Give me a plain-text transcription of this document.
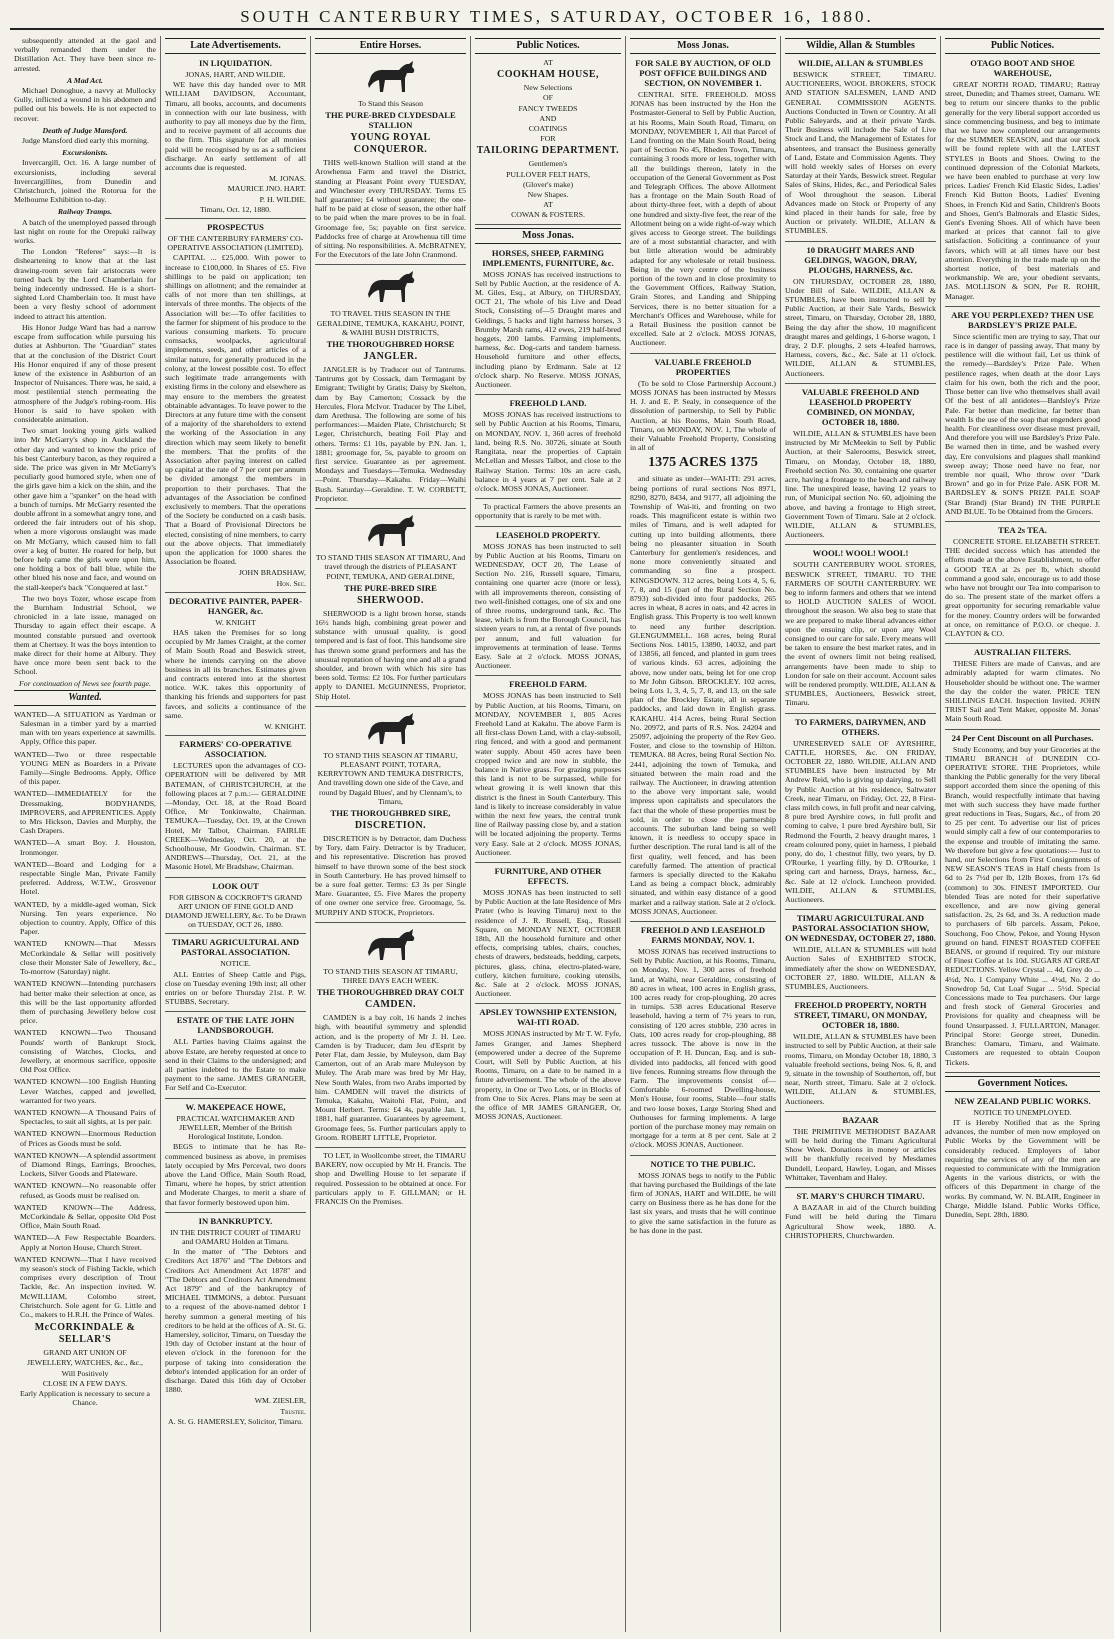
SOUTH CANTERBURY TIMES, SATURDAY, OCTOBER 16, 1880.
subsequently attended at the gaol and verbally remanded them under the Distillation Act. They have been since re-arrested.
A Mad Act.
Michael Donoghue, a navvy at Mullocky Gully, inflicted a wound in his abdomen and pulled out his bowels. He is not expected to recover.
Death of Judge Mansford.
Judge Mansford died early this morning.
Excursionists.
Invercargill, Oct. 16. A large number of excursionists, including several Invercargillites, from Dunedin and Christchurch, joined the Rotorua for the Melbourne Exhibition to-day.
Railway Tramps.
A batch of the unemployed passed through last night on route for the Orepuki railway works.
The London "Referee" says:—It is disheartening to know that at the last drawing-room seven fair aristocrats were turned back by the Lord Chamberlain for being indecently undressed. He is a short-sighted Lord Chamberlain too. It must have been a very fleshy school of adornment indeed to attract his attention.
His Honor Judge Ward has had a narrow escape from suffocation while pursuing his duties at Ashburton. The "Guardian" states that at the conclusion of the District Court His Honor enquired if any of those present knew of the existence in Ashburton of an Inspector of Nuisances. There was, he said, a most pestilential stench permeating the atmosphere of the Judge's robing-room. His Honor is said to have spoken with considerable animation.
Two smart looking young girls walked into Mr McGarry's shop in Auckland the other day and wanted to know the price of his best Canterbury bacon, as they required a side. The price was given in Mr McGarry's peculiarly good humored style, when one of the girls gave him a kick on the shin, and the other gave him a "spanker" on the head with a bunch of turnips. Mr McGarry resented the double affront in a somewhat angry tone, and ordered the fair intruders out of his shop, when a more vigorous onslaught was made on Mr McGarry, which caused him to fall over a keg of butter. He roared for help, but before help came the girls were upon him, one holding a box of ball blue, while the other blued his nose and face, and wound on the stall-keeper's back "Conquered at last."
The two boys Tozer, whose escape from the Burnham Industrial School, we chronicled in a late issue, managed on Thursday to again effect their escape. A mounted constable pursued and overtook them at Chertsey. It was the boys intention to make direct for their home at Albury. They have once more been sent back to the School.
For continuation of News see fourth page.
Wanted.
WANTED—A SITUATION as Yardman or Salesman in a timber yard by a married man with ten years experience at sawmills. Apply, Office this paper.
WANTED—Two or three respectable YOUNG MEN as Boarders in a Private Family—Single Bedrooms. Apply, Office of this paper.
WANTED—IMMEDIATELY for the Dressmaking, BODYHANDS, IMPROVERS, and APPRENTICES. Apply to Mrs Hickson, Davies and Murphy, the Cash Drapers.
WANTED—A smart Boy. J. Houston, Ironmonger.
WANTED—Board and Lodging for a respectable Single Man, Private Family preferred. Address, W.T.W., Grosvenor Hotel.
WANTED, by a middle-aged woman, Sick Nursing. Ten years experience. No objection to country. Apply, Office of this Paper.
WANTED KNOWN—That Messrs McCorkindale & Sellar will positively close their Monster Sale of Jewellery, &c., To-morrow (Saturday) night.
WANTED KNOWN—Intending purchasers had better make their selection at once, as this will be the last opportunity afforded them of purchasing Jewellery below cost price.
WANTED KNOWN—Two Thousand Pounds' worth of Bankrupt Stock, consisting of Watches, Clocks, and Jewellery, at enormous sacrifice, opposite Old Post Office.
WANTED KNOWN—100 English Hunting Lever Watches, capped and jewelled, warranted for two years.
WANTED KNOWN—A Thousand Pairs of Spectacles, to suit all sights, at 1s per pair.
WANTED KNOWN—Enormous Reduction of Prices as Goods must be sold.
WANTED KNOWN—A splendid assortment of Diamond Rings, Earrings, Brooches, Lockets, Silver Goods and Plateware.
WANTED KNOWN—No reasonable offer refused, as Goods must be realised on.
WANTED KNOWN—The Address, McCorkindale & Sellar, opposite Old Post Office, Main South Road.
WANTED—A Few Respectable Boarders. Apply at Norton House, Church Street.
WANTED KNOWN—That I have received my season's stock of Fishing Tackle, which comprises every description of Trout Tackle, &c. An inspection invited. W. McWILLIAM, Colombo street, Christchurch. Sole agent for G. Little and Co., makers to H.R.H. the Prince of Wales.
McCORKINDALE & SELLAR'S
GRAND ART UNION OF
JEWELLERY, WATCHES, &c., &c.,
Will Positively
CLOSE IN A FEW DAYS.
Early Application is necessary to secure a Chance.
Late Advertisements.
IN LIQUIDATION.
JONAS, HART, AND WILDIE.
WE have this day handed over to MR WILLIAM DAVIDSON, Accountant, Timaru, all books, accounts, and documents in connection with our late business, with authority to pay all moneys due by the firm, and to receive payment of all accounts due to the firm. This signature for all monies paid will be recognised by us as a sufficient discharge. An early settlement of all accounts due is requested.
M. JONAS.
MAURICE JNO. HART.
P. H. WILDIE.
Timaru, Oct. 12, 1880.
PROSPECTUS
OF THE CANTERBURY FARMERS' CO-OPERATIVE ASSOCIATION (LIMITED).
CAPITAL ... £25,000. With power to increase to £100,000. In Shares of £5. Five shillings to be paid on application; ten shillings on allotment; and the remainder at calls of not more than ten shillings, at intervals of three months. The objects of the Association will be:—To offer facilities to the farmer for shipment of his produce to the various consuming markets. To procure cornsacks, woolpacks, agricultural implements, seeds, and other articles of a similar nature, for generally produced in the colony, at the lowest possible cost. To effect such legitimate trade arrangements with existing firms in the colony and elsewhere as may ensure to the members the greatest obtainable advantages. To leave power to the Directors at any future time with the consent of a majority of the shareholders to extend the working of the Association in any direction which may seem likely to benefit the members. That the profits of the Association after paying interest on called up capital at the rate of 7 per cent per annum be divided amongst the members in proportion to their purchases. That the advantages of the Association be confined exclusively to members. That the operations of the Society be conducted on a cash basis. That a Board of Provisional Directors be elected, consisting of nine members, to carry out the above objects. That immediately upon the application for 1000 shares the Association be floated.
JOHN BRADSHAW,
Hon. Sec.
DECORATIVE PAINTER, PAPER-HANGER, &c.
W. KNIGHT
HAS taken the Premises for so long occupied by Mr James Craight, at the corner of Main South Road and Beswick street, where he intends carrying on the above business in all its branches. Estimates given and contracts entered into at the shortest notice. W.K. takes this opportunity of thanking his friends and supporters for past favors, and solicits a continuance of the same.
W. KNIGHT.
FARMERS' CO-OPERATIVE ASSOCIATION.
LECTURES upon the advantages of CO-OPERATION will be delivered by MR BATEMAN, of CHRISTCHURCH, at the following places at 7 p.m.:— GERALDINE—Monday, Oct. 18, at the Road Board Office, Mr Tonkinwalte, Chairman. TEMUKA—Tuesday, Oct. 19, at the Crown Hotel, Mr Talbot, Chairman. FAIRLIE CREEK—Wednesday, Oct. 20, at the Schoolhouse, Mr Goodwin, Chairman. ST. ANDREWS—Thursday, Oct. 21, at the Masonic Hotel, Mr Bradshaw, Chairman.
LOOK OUT
FOR GIBSON & COCKROFT'S GRAND ART UNION OF FINE GOLD AND DIAMOND JEWELLERY, &c. To be Drawn on TUESDAY, OCT 26, 1880.
TIMARU AGRICULTURAL AND PASTORAL ASSOCIATION.
NOTICE.
ALL Entries of Sheep Cattle and Pigs, close on Tuesday evening 19th inst; all other entries on or before Thursday 21st. P. W. STUBBS, Secretary.
ESTATE OF THE LATE JOHN LANDSBOROUGH.
ALL Parties having Claims against the above Estate, are hereby requested at once to send in their Claims to the undersigned; and all parties indebted to the Estate to make payment to the same. JAMES GRANGER, For Self and Co-Executor.
W. MAKEPEACE HOWE,
PRACTICAL WATCHMAKER AND JEWELLER, Member of the British Horological Institute, London.
BEGS to intimate that he has Re-commenced business as above, in premises lately occupied by Mrs Perceval, two doors above the Land Office, Main South Road, Timaru, where he hopes, by strict attention and Moderate Charges, to merit a share of that favor formerly bestowed upon him.
IN BANKRUPTCY.
IN THE DISTRICT COURT of TIMARU and OAMARU Holden at Timaru.
In the matter of "The Debtors and Creditors Act 1876" and "The Debtors and Creditors Act Amendment Act 1878" and "The Debtors and Creditors Act Amendment Act 1879" and of the bankruptcy of MICHAEL TIMMONS, a debtor. Pursuant to a request of the above-named debtor I hereby summon a general meeting of his creditors to be held at the offices of A. St. G. Hamersley, solicitor, Timaru, on Tuesday the 19th day of October instant at the hour of eleven o'clock in the forenoon for the purpose of taking into consideration the debtor's intended application for an order of discharge. Dated this 16th day of October 1880.
WM. ZIESLER,
Trustee.
A. St. G. HAMERSLEY, Solicitor, Timaru.
Entire Horses.
To Stand this Season
THE PURE-BRED CLYDESDALE STALLION
YOUNG ROYAL CONQUEROR.
THIS well-known Stallion will stand at the Arowhenua Farm and travel the District, standing at Pleasant Point every TUESDAY, and Winchester every THURSDAY. Terms £5 half guarantee; £4 without guarantee; the one-half to be paid at close of season, the other half to be paid when the mare proves to be in foal. Groomage fee, 5s; payable on first service. Paddocks free of charge at Arowhenua till time of sitting. No responsibilities. A. McBRATNEY, For the Executors of the late John Cranmond.
TO TRAVEL THIS SEASON IN THE GERALDINE, TEMUKA, KAKAHU, POINT, & WAIHI BUSH DISTRICTS,
THE THOROUGHBRED HORSE
JANGLER.
JANGLER is by Traducer out of Tantrums. Tantrums got by Cossack, dam Termagant by Emigrant; Twilight by Gratis; Daisy by Skelton, dam by Bay Camerton; Cossack by the Hercules, Flora McIvor. Traducer by The Libel, dam Arethusa. The following are some of his performances:—Maiden Plate, Christchurch; St Leger, Christchurch, beating Foil Play and others. Terms: £1 10s, payable by P.N. Jan. 1, 1881; groomage for, 5s, payable to groom on first service. Guarantee as per agreement. Mondays and Tuesdays—Temuka. Wednesday—Point. Thursday—Kakahu. Friday—Waihi Bush. Saturday—Geraldine. T. W. CORBETT, Proprietor.
TO STAND THIS SEASON AT TIMARU, And travel through the districts of PLEASANT POINT, TEMUKA, AND GERALDINE,
THE PURE-BRED SIRE
SHERWOOD.
SHERWOOD is a light brown horse, stands 16½ hands high, combining great power and substance with unusual quality, is good tempered and is fast of foot. This handsome sire has thrown some grand performers and has the unusual reputation of having one and all a grand shoulder, and brown with which his sire has been sold. Terms: £2 10s. For further particulars apply to DANIEL McGUINNESS, Proprietor, Ship Hotel.
TO STAND THIS SEASON AT TIMARU, PLEASANT POINT, TOTARA, KERRYTOWN AND TEMUKA DISTRICTS, And travelling down one side of the Cave, and round by Dagald Blues', and by Clennam's, to Timaru,
THE THOROUGHBRED SIRE,
DISCRETION.
DISCRETION is by Detractor, dam Duchess by Tory, dam Fairy. Detractor is by Traducer, and his representative. Discretion has proved himself to have thrown some of the best stock in South Canterbury. He has proved himself to be a sure foal getter. Terms: £3 3s per Single Mare. Guarantee, £5. Five Mares the property of one owner one service free. Groomage, 5s. MURPHY AND STOCK, Proprietors.
TO STAND THIS SEASON AT TIMARU, THREE DAYS EACH WEEK.
THE THOROUGHBRED DRAY COLT
CAMDEN.
CAMDEN is a bay colt, 16 hands 2 inches high, with beautiful symmetry and splendid action, and is the property of Mr J. H. Lee. Camden is by Traducer, dam Jeu d'Esprit by Peter Flat, dam Jessie, by Muleyson, dam Bay Camerton, out of an Arab mare Muleyson by Muley. The Arab mare was bred by Mr Hay, New South Wales, from two Arabs imported by him. CAMDEN will travel the districts of Temuka, Kakahu, Waitohi Flat, Point, and Mount Herbert. Terms: £4 4s, payable Jan. 1, 1881, half guarantee. Guarantees by agreement. Groomage fees, 5s. Further particulars apply to Groom. ROBERT LITTLE, Proprietor.
TO LET, in Woollcombe street, the TIMARU BAKERY, now occupied by Mr H. Francis. The shop and Dwelling House to let separate if required. Possession to be obtained at once. For particulars apply to F. GILLMAN; or H. FRANCIS On the Premises.
Public Notices.
AT
COOKHAM HOUSE,
New Selections
OF
FANCY TWEEDS
AND
COATINGS
FOR
TAILORING DEPARTMENT.
Gentlemen's
PULLOVER FELT HATS,
(Glover's make)
New Shapes.
AT
COWAN & FOSTERS.
Moss Jonas.
HORSES, SHEEP, FARMING IMPLEMENTS, FURNITURE, &c.
MOSS JONAS has received instructions to Sell by Public Auction, at the residence of A. M. Giles, Esq., at Albury, on THURSDAY, OCT 21, The whole of his Live and Dead Stock, Consisting of—5 Draught mares and Geldings, 5 hacks and light harness horses, 3 Brumby Marsh rams, 412 ewes, 219 half-bred hoggets, 200 lambs. Farming implements, harness, &c. Dog-carts and tandem harness. Household furniture and other effects, including piano by Erdmann. Sale at 12 o'clock sharp. No Reserve. MOSS JONAS, Auctioneer.
FREEHOLD LAND.
MOSS JONAS has received instructions to sell by Public Auction at his Rooms, Timaru, on MONDAY, NOV. 1, 360 acres of freehold land, being R.S. No. 30726, situate at South Rangitata, near the properties of Captain McLellan and Messrs Talbot, and close to the Railway Station. Terms: 10s an acre cash, balance in 4 years at 7 per cent. Sale at 2 o'clock. MOSS JONAS, Auctioneer.
To practical Farmers the above presents an opportunity that is rarely to be met with.
LEASEHOLD PROPERTY.
MOSS JONAS has been instructed to sell by Public Auction at his Rooms, Timaru on WEDNESDAY, OCT 20, The Lease of Section No. 216, Russell square, Timaru, containing one quarter acre (more or less), with all improvements thereon, consisting of two well-finished cottages, one of six and one of three rooms, underground tank, &c. The lease, which is from the Borough Council, has sixteen years to run, at a rental of five pounds per annum, and full valuation for improvements at termination of lease. Terms Easy. Sale at 2 o'clock. MOSS JONAS, Auctioneer.
FREEHOLD FARM.
MOSS JONAS has been instructed to Sell by Public Auction, at his Rooms, Timaru, on MONDAY, NOVEMBER 1, 805 Acres Freehold Land at Kakahu. The above Farm is all first-class Down Land, with a clay-subsoil, ring fenced, and with a good and permanent water supply. About 450 acres have been cropped twice and are now in stubble, the balance in Native grass. For grazing purposes this land is not to be surpassed, while for wheat growing it is well known that this district is the finest in South Canterbury. This land is likely to increase considerably in value within the next few years, the central trunk line of Railway passing close by, and a station will be located adjoining the property. Terms very Easy. Sale at 2 o'clock. MOSS JONAS, Auctioneer.
FURNITURE, AND OTHER EFFECTS.
MOSS JONAS has been instructed to sell by Public Auction at the late Residence of Mrs Prater (who is leaving Timaru) next to the residence of J. R. Russell, Esq., Russell Square, on MONDAY NEXT, OCTOBER 18th, All the household furniture and other effects, comprising tables, chairs, couches, chests of drawers, bedsteads, bedding, carpets, pictures, glass, china, electro-plated-ware, cutlery, kitchen furniture, cooking utensils, &c. Sale at 2 o'clock. MOSS JONAS, Auctioneer.
APSLEY TOWNSHIP EXTENSION, WAI-ITI ROAD.
MOSS JONAS instructed by Mr T. W. Fyfe, James Granger, and James Shepherd (empowered under a decree of the Supreme Court, will Sell by Public Auction, at his Rooms, Timaru, on a date to be named in a future advertisement. The whole of the above property, in One or Two Lots, or in Blocks of from One to Six Acres. Plans may be seen at the office of MR JAMES GRANGER, Or, MOSS JONAS, Auctioneer.
Moss Jonas.
FOR SALE BY AUCTION, OF OLD POST OFFICE BUILDINGS AND SECTION, ON NOVEMBER 1.
CENTRAL SITE. FREEHOLD. MOSS JONAS has been instructed by the Hon the Postmaster-General to Sell by Public Auction, at his Rooms, Main South Road, Timaru, on MONDAY, NOVEMBER 1, All that Parcel of Land fronting on the Main South Road, being part of Section No 45, Rheden Town, Timaru, containing 3 roods more or less, together with all the buildings thereon, lately in the occupation of the General Government as Post and Telegraph Offices. The above Allotment has a frontage on the Main South Road of about thirty-three feet, with a depth of about one hundred and sixty-five feet, the rear of the Allotment being on a wide right-of-way which gives access to George street. The buildings are of a most substantial character, and with but little alteration would be admirably adapted for any wholesale or retail business. Being in the very centre of the business portion of the town and in close proximity to the Government Offices, Railway Station, Grain Stores, and Landing and Shipping Services, there is no better situation for a Merchant's Offices and Warehouse, while for a Retail Business the position cannot be excelled. Sale at 2 o'clock. MOSS JONAS, Auctioneer.
VALUABLE FREEHOLD PROPERTIES
(To be sold to Close Partnership Account.) MOSS JONAS has been instructed by Messrs H. J. and E. P. Sealy, in consequence of the dissolution of partnership, to Sell by Public Auction, at his Rooms, Main South Road, Timaru, on MONDAY, NOV. 1, The whole of their Valuable Freehold Property, Consisting in all of
1375 ACRES 1375
and situate as under—WAI-ITI: 291 acres, being portions of rural sections Nos 8971, 8290, 8270, 8434, and 9177, all adjoining the Township of Wai-iti, and fronting on two roads. This magnificent estate is within two miles of Timaru, and is well adapted for cutting up into building allotments, there being no pleasanter situation in South Canterbury for gentlemen's residences, and none more conveniently situated and commanding so fine a prospect. KINGSDOWN. 312 acres, being Lots 4, 5, 6, 7, 8, and 15 (part of the Rural Section No. 8793) sub-divided into four paddocks, 265 acres in wheat, 8 acres in oats, and 42 acres in English grass. This Property is too well known to need any further description. GLENGUMMELL. 168 acres, being Rural Sections Nos. 14015, 13890, 14032, and part of 13856, all fenced, and planted in gum trees of various kinds. 63 acres, adjoining the above, now under oats, being let for one crop to Mr John Gibson. BROCKLEY. 102 acres, being Lots 1, 3, 4, 5, 7, 8, and 13, on the sale plan of the Brockley Estate, all in separate paddocks, and laid down in English grass. KAKAHU. 414 Acres, being Rural Section No. 20972, and parts of R.S. Nos. 24204 and 25097, adjoining the property of the Rev Geo. Foster, and close to the township of Hilton. TEMUKA. 88 Acres, being Rural Section No. 2441, adjoining the town of Temuka, and situated between the main road and the railway. The Auctioneer, in drawing attention to the above very important sale, would impress upon capitalists and speculators the fact that the whole of these properties must be sold, in order to close the partnership accounts. The suburban land being so well known, it is needless to occupy space in further description. The rural land is all of the first quality, well fenced, and has been carefully farmed. The attention of practical farmers is specially directed to the Kakahu Land as being a compact block, admirably situated, and within easy distance of a good market and a railway station. Sale at 2 o'clock. MOSS JONAS, Auctioneer.
FREEHOLD AND LEASEHOLD FARMS MONDAY, NOV. 1.
MOSS JONAS has received instructions to Sell by Public Auction, at his Rooms, Timaru, on Monday, Nov. 1, 300 acres of freehold land, at Waihi, near Geraldine, consisting of 80 acres in wheat, 100 acres in English grass, 100 acres ready for crop-ploughing, 20 acres in turnips. 538 acres Educational Reserve leasehold, having a term of 7½ years to run, consisting of 120 acres stubble, 230 acres in Oats, 100 acres ready for crop-ploughing, 88 acres tussock. The above is now in the occupation of P. H. Duncan, Esq. and is sub-divided into paddocks, all fenced with good live fences. Running streams flow through the Farm. The improvements consist of—Comfortable 6-roomed Dwelling-house, Men's House, four rooms, Stable—four stalls and two loose boxes, Large Storing Shed and Outhouses for farming implements. A large portion of the purchase money may remain on mortgage for a term at 8 per cent. Sale at 2 o'clock. MOSS JONAS, Auctioneer.
NOTICE TO THE PUBLIC.
MOSS JONAS begs to notify to the Public that having purchased the Buildings of the late firm of JONAS, HART and WILDIE, he will carry on Business there as he has done for the last six years, and trusts that he will continue to give the same satisfaction in the future as he has done in the past.
Wildie, Allan & Stumbles
WILDIE, ALLAN & STUMBLES
BESWICK STREET, TIMARU. AUCTIONEERS, WOOL BROKERS, STOCK AND STATION SALESMEN, LAND AND GENERAL COMMISSION AGENTS. Auctions Conducted in Town or Country. At all Public Saleyards, and at their private Yards. Their Business will include the Sale of Live Stock and Land, the Management of Estates for absentees, and transact the Business generally of Land, Estate and Commission Agents. They will hold weekly sales of Horses on every Saturday at their Yards, Beswick street. Regular Sales of Skins, Hides, &c., and Periodical Sales of Wool throughout the season. Liberal Advances made on Stock or Property of any kind placed in their hands for sale, free by Auction or privately. WILDIE, ALLAN & STUMBLES.
10 DRAUGHT MARES AND GELDINGS, WAGON, DRAY, PLOUGHS, HARNESS, &c.
ON THURSDAY, OCTOBER 28, 1880, Under Bill of Sale. WILDIE, ALLAN & STUMBLES, have been instructed to sell by Public Auction, at their Sale Yards, Beswick street, Timaru, on Thursday, October 28, 1880, Being the day after the show, 10 magnificent draught mares and geldings, 1 6-horse wagon, 1 dray, 2 D.F. ploughs, 2 sets 4-leafed harrows, Harness, covers, &c., &c. Sale at 11 o'clock. WILDIE, ALLAN & STUMBLES, Auctioneers.
VALUABLE FREEHOLD AND LEASEHOLD PROPERTY COMBINED, ON MONDAY, OCTOBER 18, 1880.
WILDIE, ALLAN & STUMBLES have been instructed by Mr McMeekin to Sell by Public Auction, at their Salerooms, Beswick street, Timaru, on Monday, October 18, 1880, Freehold section No. 30, containing one quarter acre, having a frontage to the beach and railway line. The unexpired lease, having 12 years to run, of Municipal section No. 60, adjoining the above, and having a frontage to High street, Government Town of Timaru. Sale at 2 o'clock. WILDIE, ALLAN & STUMBLES, Auctioneers.
WOOL! WOOL! WOOL!
SOUTH CANTERBURY WOOL STORES, BESWICK STREET, TIMARU. TO THE FARMERS OF SOUTH CANTERBURY. WE beg to inform farmers and others that we intend to HOLD AUCTION SALES of WOOL throughout the season. We also beg to state that we are prepared to make liberal advances either upon the ensuing clip, or upon any Wool consigned to our care for sale. Every means will be taken to ensure the best market rates, and in the event of owners limit not being realised, arrangements have been made to ship to London for sale on their account. Account sales will be rendered promptly. WILDIE, ALLAN & STUMBLES, Auctioneers, Beswick street, Timaru.
TO FARMERS, DAIRYMEN, AND OTHERS.
UNRESERVED SALE OF AYRSHIRE, CATTLE, HORSES, &c. ON FRIDAY, OCTOBER 22, 1880. WILDIE, ALLAN AND STUMBLES have been instructed by Mr Andrew Reid, who is giving up dairying, to Sell by Public Auction at his residence, Saltwater Creek, near Timaru, on Friday, Oct. 22, 8 First-class milch cows, in full profit and near calving, 8 pure bred Ayrshire cows, in full profit and coming to calve, 1 pure bred Ayrshire bull, Sir Redmond the Fourth, 2 heavy draught mares, 1 cream coloured pony, quiet in harness, 1 piebald pony, do do, 1 chestnut filly, two years, by D. O'Rourke, 1 yearling filly, by D. O'Rourke, 1 spring cart and harness, Drays, harness, &c., &c. Sale at 12 o'clock. Luncheon provided. WILDIE, ALLAN & STUMBLES, Auctioneers.
TIMARU AGRICULTURAL AND PASTORAL ASSOCIATION SHOW, ON WEDNESDAY, OCTOBER 27, 1880.
WILDIE, ALLAN & STUMBLES will hold Auction Sales of EXHIBITED STOCK, immediately after the show on WEDNESDAY, OCTOBER 27, 1880. WILDIE, ALLAN & STUMBLES, Auctioneers.
FREEHOLD PROPERTY, NORTH STREET, TIMARU, ON MONDAY, OCTOBER 18, 1880.
WILDIE, ALLAN & STUMBLES have been instructed to sell by Public Auction, at their sale rooms, Timaru, on Monday October 18, 1880, 3 valuable freehold sections, being Nos. 6, 8, and 9, situate in the township of Southerton, off, but near, North street, Timaru. Sale at 2 o'clock. WILDIE, ALLAN & STUMBLES, Auctioneers.
BAZAAR
THE PRIMITIVE METHODIST BAZAAR will be held during the Timaru Agricultural Show Week. Donations in money or articles will be thankfully received by Mesdames Dundell, Leopard, Hawley, Logan, and Misses Whittaker, Tavenham and Haley.
ST. MARY'S CHURCH TIMARU.
A BAZAAR in aid of the Church building Fund will be held during the Timaru Agricultural Show week, 1880. A. CHRISTOPHERS, Churchwarden.
Public Notices.
OTAGO BOOT AND SHOE WAREHOUSE,
GREAT NORTH ROAD, TIMARU; Rattray street, Dunedin; and Thames street, Oamaru. WE beg to return our sincere thanks to the public generally for the very liberal support accorded us since commencing business, and beg to intimate that we have now completed our arrangements for the SUMMER SEASON, and that our stock will be found replete with all the LATEST STYLES in Boots and Shoes. Owing to the continued depression of the Colonial Markets, we have been enabled to purchase at very low prices. Ladies' French Kid Elastic Sides, Ladies' French Kid Button Boots, Ladies' Evening Shoes, in French Kid and Satin, Children's Boots and Shoes, Gent's Balmorals and Elastic Sides, Gent's Evening Shoes. All of which have been marked at prices that cannot fail to give satisfaction. Soliciting a continuance of your favors, which will at all times have our best attention. Everything in the trade made up on the shortest notice, of best materials and workmanship. We are, your obedient servants, JAS. MOLLISON & SON, Per R. ROHR, Manager.
ARE YOU PERPLEXED? THEN USE BARDSLEY'S PRIZE PALE.
Since scientific men are trying to say, That our race is in danger of passing away, That many by pestilence will die without fail, Let us think of the remedy—Bardsley's Prize Pale. When pestilence rages, when death at the door Lays claim for his own, both the rich and the poor, Those better can live who themselves shall avail Of the best of all antidotes—Bardsley's Prize Pale. Far better than medicine, far better than wealth Is the use of the soap that engenders good health. For cleanliness over disease must prevail, And therefore you will use Bardsley's Prize Pale. Be warned then in time, and be washed every day, Ere convulsions and plagues shall mankind sweep away; Those need have no fear, nor tremble nor quail, Who throw over "Dark Brown" and go in for Prize Pale. ASK FOR M. BARDSLEY & SON'S PRIZE PALE SOAP (Star Brand) (Star Brand) IN THE PURPLE AND BLUE. To be Obtained from the Grocers.
TEA 2s TEA.
CONCRETE STORE. ELIZABETH STREET. THE decided success which has attended the efforts made at the above Establishment, to offer a GOOD TEA at 2s per lb, which should command a good sale, encourage us to add those who have not brought our Tea into comparison to do so. The present state of the market offers a great opportunity for securing remarkable value for the money. Country orders will be forwarded at once, on remittance of P.O.O. or cheque. J. CLAYTON & CO.
AUSTRALIAN FILTERS.
THESE Filters are made of Canvas, and are admirably adapted for warm climates. No Householder should be without one. The warmer the day the colder the water. PRICE TEN SHILLINGS EACH. Inspection Invited. JOHN TRIST Sail and Tent Maker, opposite M. Jonas' Main South Road.
24 Per Cent Discount on all Purchases.
Study Economy, and buy your Groceries at the TIMARU BRANCH of DUNEDIN CO-OPERATIVE STORE. THE Proprietors, while thanking the Public generally for the very liberal support accorded them since the opening of this Branch, would respectfully intimate that having met with such success they have made further great reductions in Teas, Sugars, &c., of from 20 to 25 per cent. To advertise our list of prices would simply call a few of our contemporaries to the expense and trouble of imitating the same. We therefore but give a few quotations:— Just to hand, our Selections from First Consignments of NEW SEASON'S TEAS in Half chests from 1s 6d to 2s 7½d per lb, 12lb Boxes, from 17s 6d (common) to 30s. FINEST IMPORTED. Our blended Teas are noted for their superlative excellence, and are now giving general satisfaction. 2s, 2s 6d, and 3s. A reduction made to purchasers of 6lb parcels. Assam, Pekoe, Souchong, Foo Chow, Pekoe, and Young Hyson ground on hand. FINEST ROASTED COFFEE BEANS, or ground if required. Try our mixture of Finest Coffee at 1s 10d. SUGARS AT GREAT REDUCTIONS. Yellow Crystal ... 4d, Grey do ... 4½d, No. 1 Company White ... 4½d, No. 2 do Snowdrop 5d, Cut Loaf Sugar ... 5½d. Special Concessions made to Tea purchasers. Our large and fresh stock of General Groceries and Provisions for quality and cheapness will be found Unsurpassed. J. FULLARTON, Manager. Principal Store: George street, Dunedin. Branches: Oamaru, Timaru, and Waimate. Customers are requested to obtain Coupon Tickets.
Government Notices.
NEW ZEALAND PUBLIC WORKS.
NOTICE TO UNEMPLOYED.
IT is Hereby Notified that as the Spring advances, the number of men now employed on Public Works by the Government will be considerably reduced. Employers of labor requiring the services of any of the men are requested to communicate with the Immigration Agents in the various districts, or with the officers of this Department in charge of the works. By command, W. N. BLAIR, Engineer in Charge, Middle Island. Public Works Office, Dunedin, Sept. 28th, 1880.
